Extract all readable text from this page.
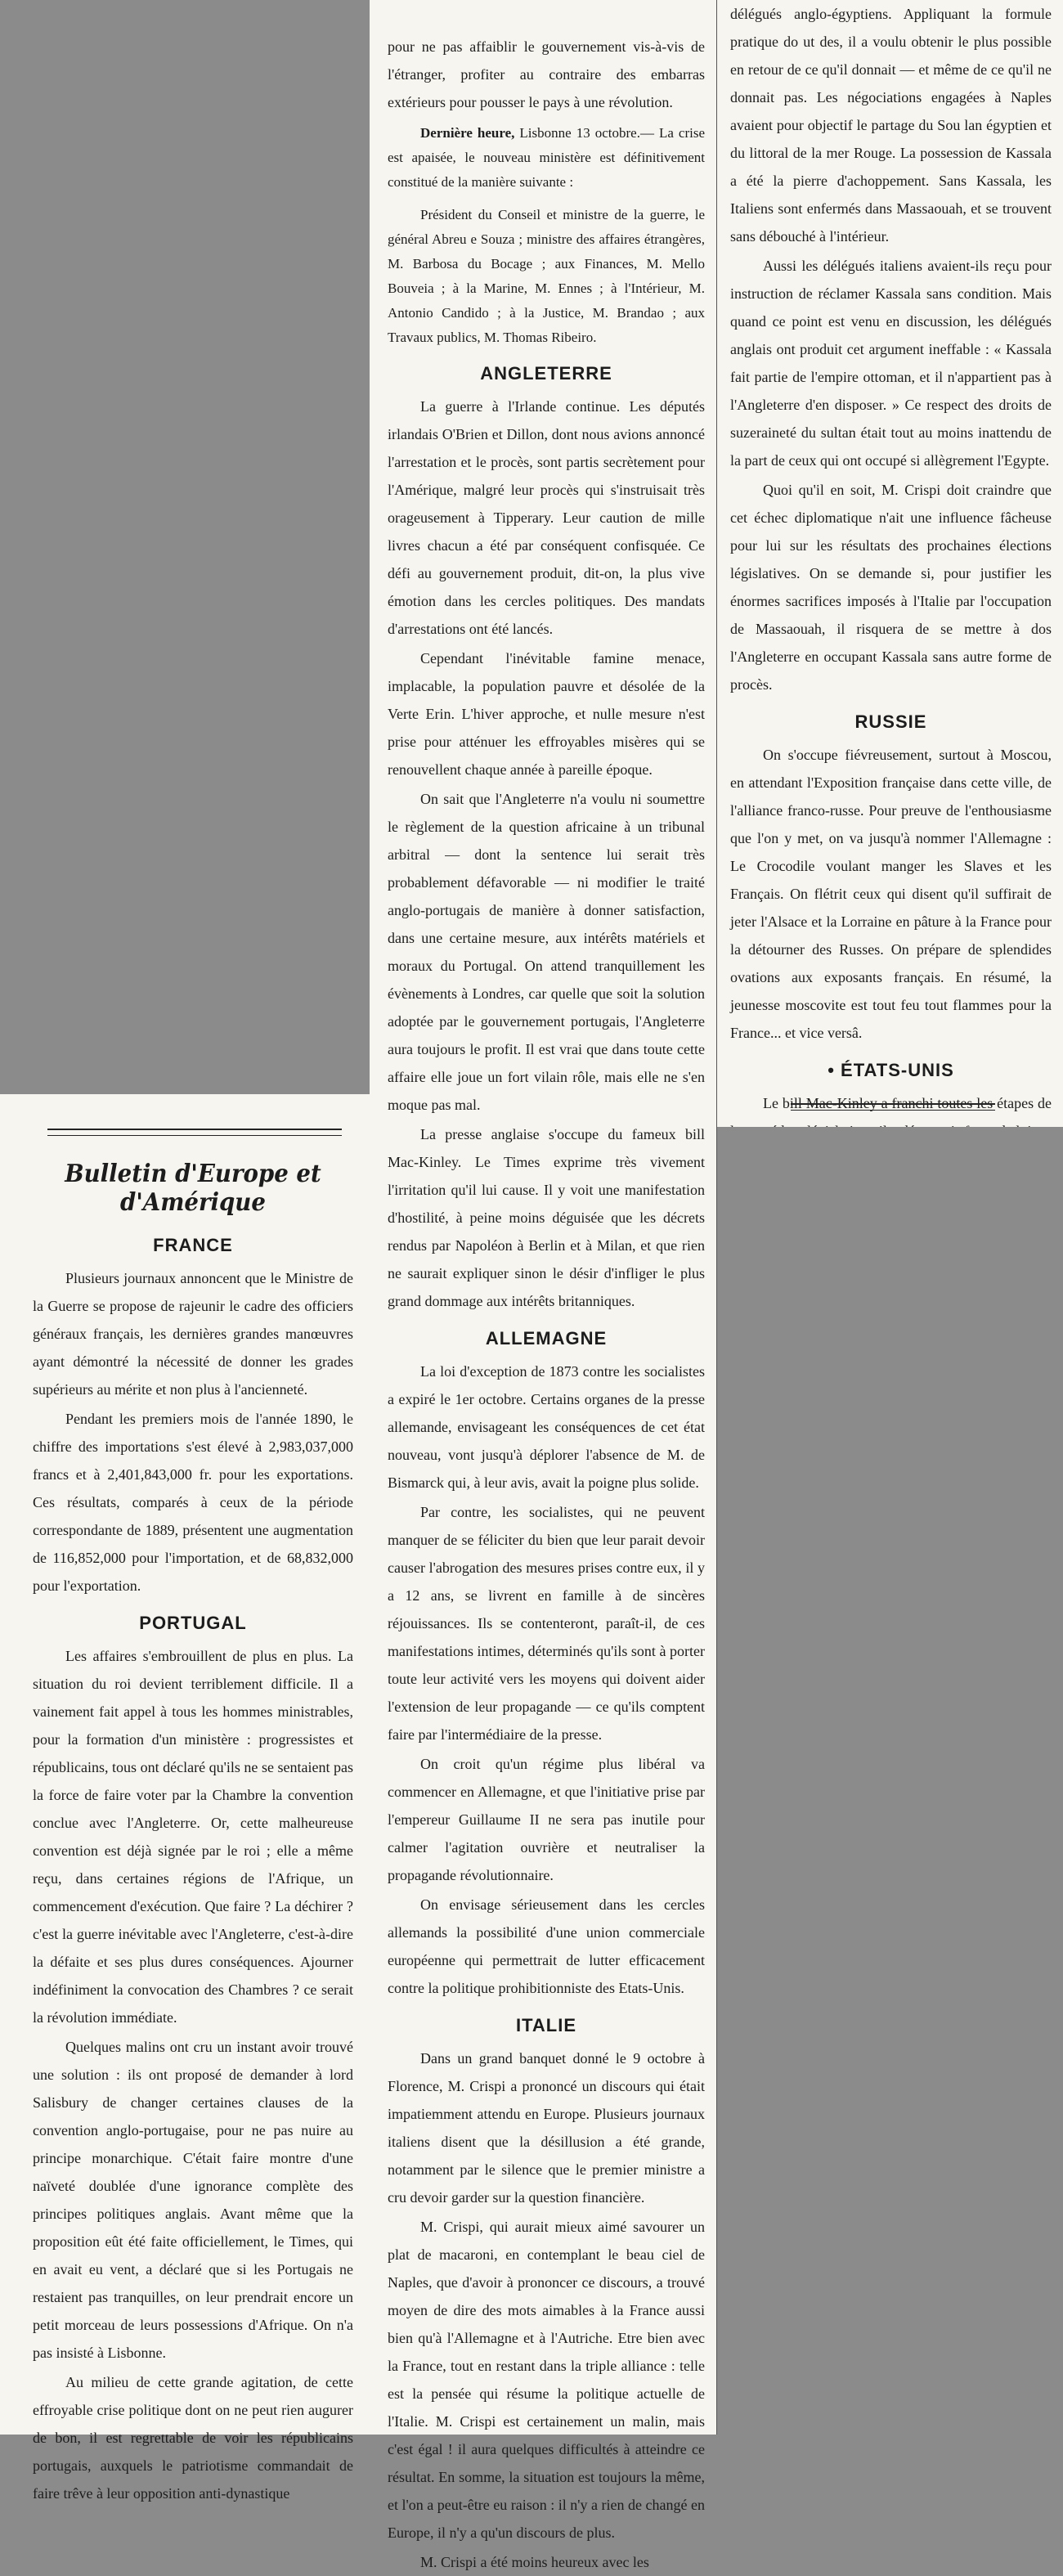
Bulletin d'Europe et d'Amérique
FRANCE

Plusieurs journaux annoncent que le Ministre de la Guerre se propose de rajeunir le cadre des officiers généraux français, les dernières grandes manœuvres ayant démontré la nécessité de donner les grades supérieurs au mérite et non plus à l'ancienneté.

Pendant les premiers mois de l'année 1890, le chiffre des importations s'est élevé à 2,983,037,000 francs et à 2,401,843,000 fr. pour les exportations. Ces résultats, comparés à ceux de la période correspondante de 1889, présentent une augmentation de 116,852,000 pour l'importation, et de 68,832,000 pour l'exportation.

PORTUGAL

Les affaires s'embrouillent de plus en plus. La situation du roi devient terriblement difficile. Il a vainement fait appel à tous les hommes ministrables, pour la formation d'un ministère : progressistes et républicains, tous ont déclaré qu'ils ne se sentaient pas la force de faire voter par la Chambre la convention conclue avec l'Angleterre. Or, cette malheureuse convention est déjà signée par le roi ; elle a même reçu, dans certaines régions de l'Afrique, un commencement d'exécution. Que faire ? La déchirer ? c'est la guerre inévitable avec l'Angleterre, c'est-à-dire la défaite et ses plus dures conséquences. Ajourner indéfiniment la convocation des Chambres ? ce serait la révolution immédiate.

Quelques malins ont cru un instant avoir trouvé une solution : ils ont proposé de demander à lord Salisbury de changer certaines clauses de la convention anglo-portugaise, pour ne pas nuire au principe monarchique. C'était faire montre d'une naïveté doublée d'une ignorance complète des principes politiques anglais. Avant même que la proposition eût été faite officiellement, le Times, qui en avait eu vent, a déclaré que si les Portugais ne restaient pas tranquilles, on leur prendrait encore un petit morceau de leurs possessions d'Afrique. On n'a pas insisté à Lisbonne.

Au milieu de cette grande agitation, de cette effroyable crise politique dont on ne peut rien augurer de bon, il est regrettable de voir les républicains portugais, auxquels le patriotisme commandait de faire trêve à leur opposition anti-dynastique

pour ne pas affaiblir le gouvernement vis-à-vis de l'étranger, profiter au contraire des embarras extérieurs pour pousser le pays à une révolution.

Dernière heure, Lisbonne 13 octobre.— La crise est apaisée, le nouveau ministère est définitivement constitué de la manière suivante :
Président du Conseil et ministre de la guerre, le général Abreu e Souza ; ministre des affaires étrangères, M. Barbosa du Bocage ; aux Finances, M. Mello Bouveia ; à la Marine, M. Ennes ; à l'Intérieur, M. Antonio Candido ; à la Justice, M. Brandao ; aux Travaux publics, M. Thomas Ribeiro.
ANGLETERRE

La guerre à l'Irlande continue. Les députés irlandais O'Brien et Dillon, dont nous avions annoncé l'arrestation et le procès, sont partis secrètement pour l'Amérique, malgré leur procès qui s'instruisait très orageusement à Tipperary. Leur caution de mille livres chacun a été par conséquent confisquée. Ce défi au gouvernement produit, dit-on, la plus vive émotion dans les cercles politiques. Des mandats d'arrestations ont été lancés.

Cependant l'inévitable famine menace, implacable, la population pauvre et désolée de la Verte Erin. L'hiver approche, et nulle mesure n'est prise pour atténuer les effroyables misères qui se renouvellent chaque année à pareille époque.

On sait que l'Angleterre n'a voulu ni soumettre le règlement de la question africaine à un tribunal arbitral — dont la sentence lui serait très probablement défavorable — ni modifier le traité anglo-portugais de manière à donner satisfaction, dans une certaine mesure, aux intérêts matériels et moraux du Portugal. On attend tranquillement les évènements à Londres, car quelle que soit la solution adoptée par le gouvernement portugais, l'Angleterre aura toujours le profit. Il est vrai que dans toute cette affaire elle joue un fort vilain rôle, mais elle ne s'en moque pas mal.

La presse anglaise s'occupe du fameux bill Mac-Kinley. Le Times exprime très vivement l'irritation qu'il lui cause. Il y voit une manifestation d'hostilité, à peine moins déguisée que les décrets rendus par Napoléon à Berlin et à Milan, et que rien ne saurait expliquer sinon le désir d'infliger le plus grand dommage aux intérêts britanniques.

ALLEMAGNE

La loi d'exception de 1873 contre les socialistes a expiré le 1er octobre. Certains organes de la presse allemande, envisageant les conséquences de cet état nouveau, vont jusqu'à déplorer l'absence de M. de Bismarck qui, à leur avis, avait la poigne plus solide.

Par contre, les socialistes, qui ne peuvent manquer de se féliciter du bien que leur parait devoir causer l'abrogation des mesures prises contre eux, il y a 12 ans, se livrent en famille à de sincères réjouissances. Ils se contenteront, paraît-il, de ces manifestations intimes, déterminés qu'ils sont à porter toute leur activité vers les moyens qui doivent aider l'extension de leur propagande — ce qu'ils comptent faire par l'intermédiaire de la presse.

On croit qu'un régime plus libéral va commencer en Allemagne, et que l'initiative prise par l'empereur Guillaume II ne sera pas inutile pour calmer l'agitation ouvrière et neutraliser la propagande révolutionnaire.

On envisage sérieusement dans les cercles allemands la possibilité d'une union commerciale européenne qui permettrait de lutter efficacement contre la politique prohibitionniste des Etats-Unis.

ITALIE

Dans un grand banquet donné le 9 octobre à Florence, M. Crispi a prononcé un discours qui était impatiemment attendu en Europe. Plusieurs journaux italiens disent que la désillusion a été grande, notamment par le silence que le premier ministre a cru devoir garder sur la question financière.

M. Crispi, qui aurait mieux aimé savourer un plat de macaroni, en contemplant le beau ciel de Naples, que d'avoir à prononcer ce discours, a trouvé moyen de dire des mots aimables à la France aussi bien qu'à l'Allemagne et à l'Autriche. Etre bien avec la France, tout en restant dans la triple alliance : telle est la pensée qui résume la politique actuelle de l'Italie. M. Crispi est certainement un malin, mais c'est égal ! il aura quelques difficultés à atteindre ce résultat. En somme, la situation est toujours la même, et l'on a peut-être eu raison : il n'y a rien de changé en Europe, il n'y a qu'un discours de plus.

M. Crispi a été moins heureux avec les

délégués anglo-égyptiens. Appliquant la formule pratique do ut des, il a voulu obtenir le plus possible en retour de ce qu'il donnait — et même de ce qu'il ne donnait pas. Les négociations engagées à Naples avaient pour objectif le partage du Sou lan égyptien et du littoral de la mer Rouge. La possession de Kassala a été la pierre d'achoppement. Sans Kassala, les Italiens sont enfermés dans Massaouah, et se trouvent sans débouché à l'intérieur.

Aussi les délégués italiens avaient-ils reçu pour instruction de réclamer Kassala sans condition. Mais quand ce point est venu en discussion, les délégués anglais ont produit cet argument ineffable : « Kassala fait partie de l'empire ottoman, et il n'appartient pas à l'Angleterre d'en disposer. » Ce respect des droits de suzeraineté du sultan était tout au moins inattendu de la part de ceux qui ont occupé si allègrement l'Egypte.

Quoi qu'il en soit, M. Crispi doit craindre que cet échec diplomatique n'ait une influence fâcheuse pour lui sur les résultats des prochaines élections législatives. On se demande si, pour justifier les énormes sacrifices imposés à l'Italie par l'occupation de Massaouah, il risquera de se mettre à dos l'Angleterre en occupant Kassala sans autre forme de procès.

RUSSIE

On s'occupe fiévreusement, surtout à Moscou, en attendant l'Exposition française dans cette ville, de l'alliance franco-russe. Pour preuve de l'enthousiasme que l'on y met, on va jusqu'à nommer l'Allemagne : Le Crocodile voulant manger les Slaves et les Français. On flétrit ceux qui disent qu'il suffirait de jeter l'Alsace et la Lorraine en pâture à la France pour la détourner des Russes. On prépare de splendides ovations aux exposants français. En résumé, la jeunesse moscovite est tout feu tout flammes pour la France... et vice versâ.

• ÉTATS-UNIS

Le bill Mac-Kinley a franchi toutes les étapes de
